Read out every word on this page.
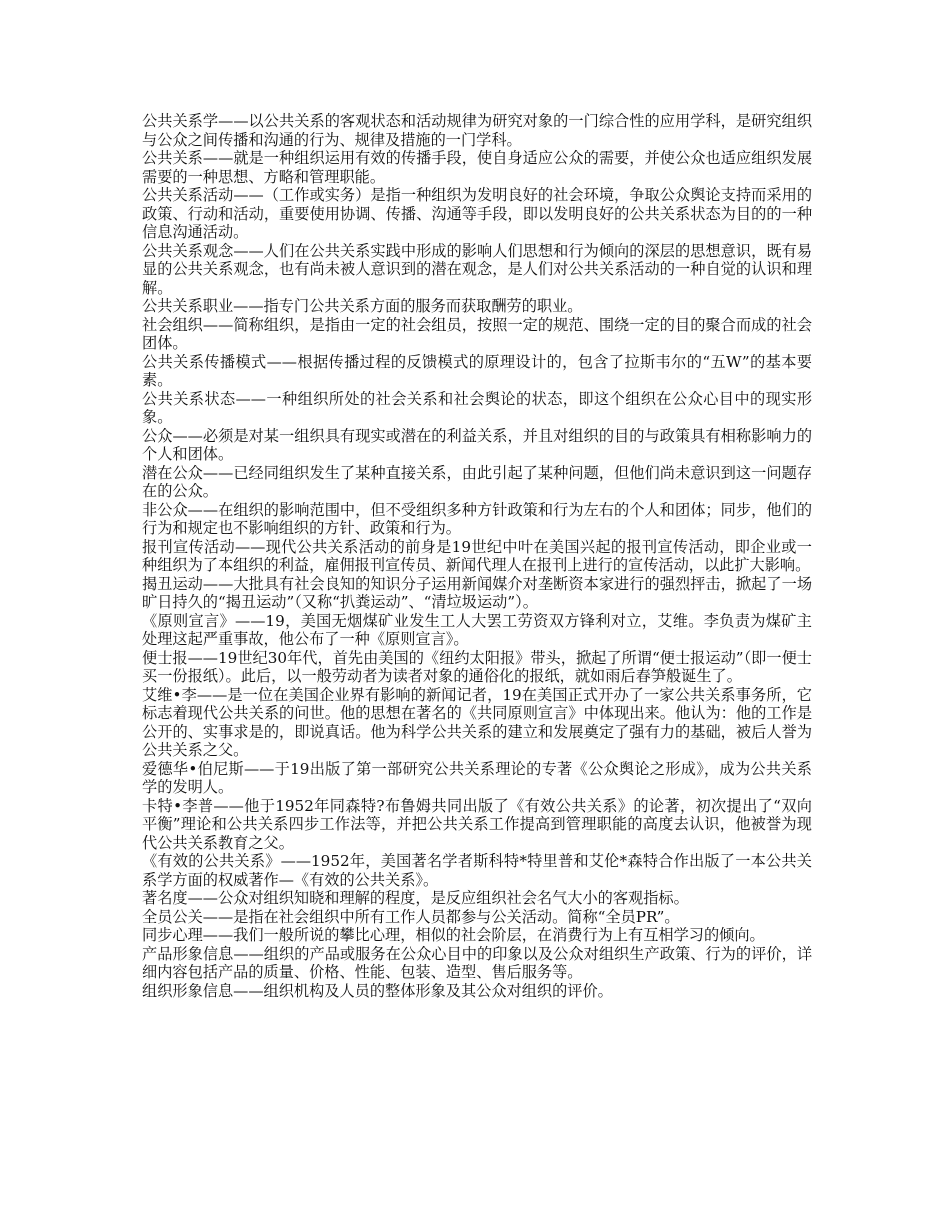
公共关系学——以公共关系的客观状态和活动规律为研究对象的一门综合性的应用学科，是研究组织与公众之间传播和沟通的行为、规律及措施的一门学科。

公共关系——就是一种组织运用有效的传播手段，使自身适应公众的需要，并使公众也适应组织发展需要的一种思想、方略和管理职能。

公共关系活动——（工作或实务）是指一种组织为发明良好的社会环境，争取公众舆论支持而采用的政策、行动和活动，重要使用协调、传播、沟通等手段，即以发明良好的公共关系状态为目的的一种信息沟通活动。

公共关系观念——人们在公共关系实践中形成的影响人们思想和行为倾向的深层的思想意识，既有易显的公共关系观念，也有尚未被人意识到的潜在观念，是人们对公共关系活动的一种自觉的认识和理解。

公共关系职业——指专门公共关系方面的服务而获取酬劳的职业。

社会组织——简称组织，是指由一定的社会组员，按照一定的规范、围绕一定的目的聚合而成的社会团体。

公共关系传播模式——根据传播过程的反馈模式的原理设计的，包含了拉斯韦尔的“五W”的基本要素。

公共关系状态——一种组织所处的社会关系和社会舆论的状态，即这个组织在公众心目中的现实形象。

公众——必须是对某一组织具有现实或潜在的利益关系，并且对组织的目的与政策具有相称影响力的个人和团体。

潜在公众——已经同组织发生了某种直接关系，由此引起了某种问题，但他们尚未意识到这一问题存在的公众。

非公众——在组织的影响范围中，但不受组织多种方针政策和行为左右的个人和团体；同步，他们的行为和规定也不影响组织的方针、政策和行为。

报刊宣传活动——现代公共关系活动的前身是19世纪中叶在美国兴起的报刊宣传活动，即企业或一种组织为了本组织的利益，雇佣报刊宣传员、新闻代理人在报刊上进行的宣传活动，以此扩大影响。

揭丑运动——大批具有社会良知的知识分子运用新闻媒介对垄断资本家进行的强烈抨击，掀起了一场旷日持久的“揭丑运动”（又称“扒粪运动”、“清垃圾运动”）。

《原则宣言》——19，美国无烟煤矿业发生工人大罢工劳资双方锋利对立，艾维。李负责为煤矿主处理这起严重事故，他公布了一种《原则宣言》。

便士报——19世纪30年代，首先由美国的《纽约太阳报》带头，掀起了所谓“便士报运动”（即一便士买一份报纸）。此后，以一般劳动者为读者对象的通俗化的报纸，就如雨后春笋般诞生了。

艾维•李——是一位在美国企业界有影响的新闻记者，19在美国正式开办了一家公共关系事务所，它标志着现代公共关系的问世。他的思想在著名的《共同原则宣言》中体现出来。他认为：他的工作是公开的、实事求是的，即说真话。他为科学公共关系的建立和发展奠定了强有力的基础，被后人誉为公共关系之父。

爱德华•伯尼斯——于19出版了第一部研究公共关系理论的专著《公众舆论之形成》，成为公共关系学的发明人。

卡特•李普——他于1952年同森特?布鲁姆共同出版了《有效公共关系》的论著，初次提出了“双向平衡”理论和公共关系四步工作法等，并把公共关系工作提高到管理职能的高度去认识，他被誉为现代公共关系教育之父。

《有效的公共关系》——1952年，美国著名学者斯科特*特里普和艾伦*森特合作出版了一本公共关系学方面的权威著作—《有效的公共关系》。

著名度——公众对组织知晓和理解的程度，是反应组织社会名气大小的客观指标。

全员公关——是指在社会组织中所有工作人员都参与公关活动。简称“全员PR”。

同步心理——我们一般所说的攀比心理，相似的社会阶层，在消费行为上有互相学习的倾向。

产品形象信息——组织的产品或服务在公众心目中的印象以及公众对组织生产政策、行为的评价，详细内容包括产品的质量、价格、性能、包装、造型、售后服务等。

组织形象信息——组织机构及人员的整体形象及其公众对组织的评价。
